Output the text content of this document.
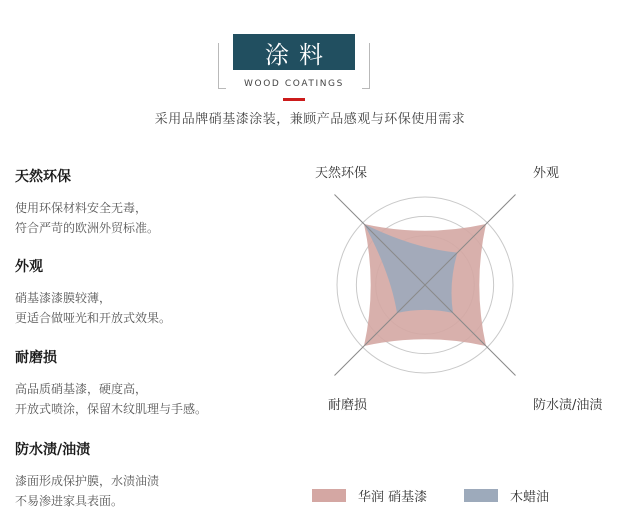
涂料
WOOD COATINGS
采用品牌硝基漆涂装，兼顾产品感观与环保使用需求
天然环保

使用环保材料安全无毒，
符合严苛的欧洲外贸标准。

外观

硝基漆漆膜较薄，
更适合做哑光和开放式效果。

耐磨损

高品质硝基漆，硬度高，
开放式喷涂，保留木纹肌理与手感。

防水渍/油渍

漆面形成保护膜，水渍油渍
不易渗进家具表面。

天然环保	外观
防水渍/油渍
耐磨损
华润 硝基漆	木蜡油
